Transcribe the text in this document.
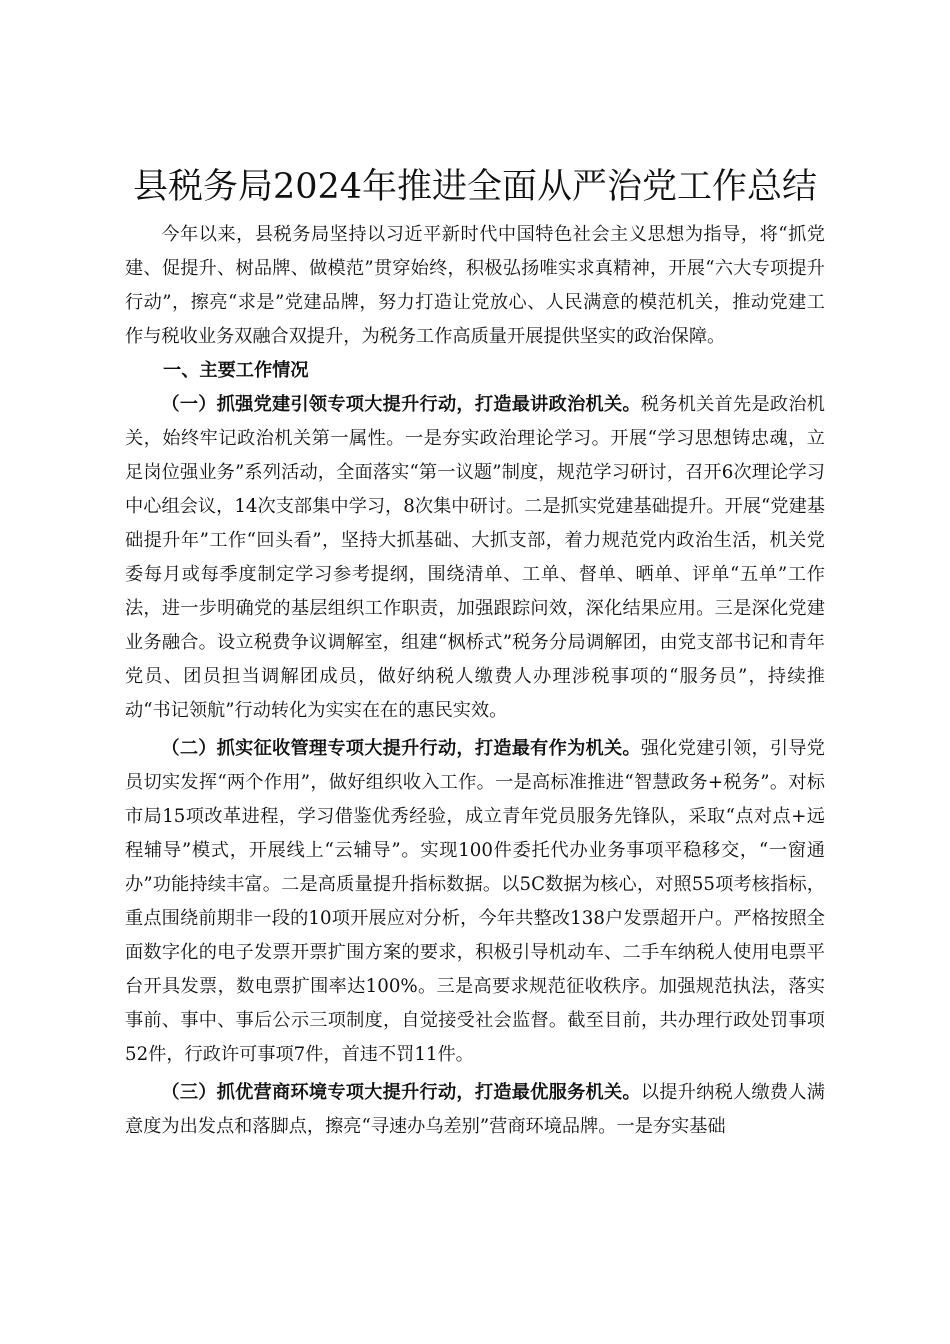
县税务局2024年推进全面从严治党工作总结

今年以来，县税务局坚持以习近平新时代中国特色社会主义思想为指导，将“抓党建、促提升、树品牌、做模范”贯穿始终，积极弘扬唯实求真精神，开展“六大专项提升行动”，擦亮“求是”党建品牌，努力打造让党放心、人民满意的模范机关，推动党建工作与税收业务双融合双提升，为税务工作高质量开展提供坚实的政治保障。

一、主要工作情况

（一）抓强党建引领专项大提升行动，打造最讲政治机关。税务机关首先是政治机关，始终牢记政治机关第一属性。一是夯实政治理论学习。开展“学习思想铸忠魂，立足岗位强业务”系列活动，全面落实“第一议题”制度，规范学习研讨，召开6次理论学习中心组会议，14次支部集中学习，8次集中研讨。二是抓实党建基础提升。开展“党建基础提升年”工作“回头看”，坚持大抓基础、大抓支部，着力规范党内政治生活，机关党委每月或每季度制定学习参考提纲，围绕清单、工单、督单、晒单、评单“五单”工作法，进一步明确党的基层组织工作职责，加强跟踪问效，深化结果应用。三是深化党建业务融合。设立税费争议调解室，组建“枫桥式”税务分局调解团，由党支部书记和青年党员、团员担当调解团成员，做好纳税人缴费人办理涉税事项的“服务员”，持续推动“书记领航”行动转化为实实在在的惠民实效。

（二）抓实征收管理专项大提升行动，打造最有作为机关。强化党建引领，引导党员切实发挥“两个作用”，做好组织收入工作。一是高标准推进“智慧政务+税务”。对标市局15项改革进程，学习借鉴优秀经验，成立青年党员服务先锋队，采取“点对点+远程辅导”模式，开展线上“云辅导”。实现100件委托代办业务事项平稳移交，“一窗通办”功能持续丰富。二是高质量提升指标数据。以5C数据为核心，对照55项考核指标，重点围绕前期非一段的10项开展应对分析，今年共整改138户发票超开户。严格按照全面数字化的电子发票开票扩围方案的要求，积极引导机动车、二手车纳税人使用电票平台开具发票，数电票扩围率达100%。三是高要求规范征收秩序。加强规范执法，落实事前、事中、事后公示三项制度，自觉接受社会监督。截至目前，共办理行政处罚事项52件，行政许可事项7件，首违不罚11件。

（三）抓优营商环境专项大提升行动，打造最优服务机关。以提升纳税人缴费人满意度为出发点和落脚点，擦亮“寻速办乌差别”营商环境品牌。一是夯实基础
